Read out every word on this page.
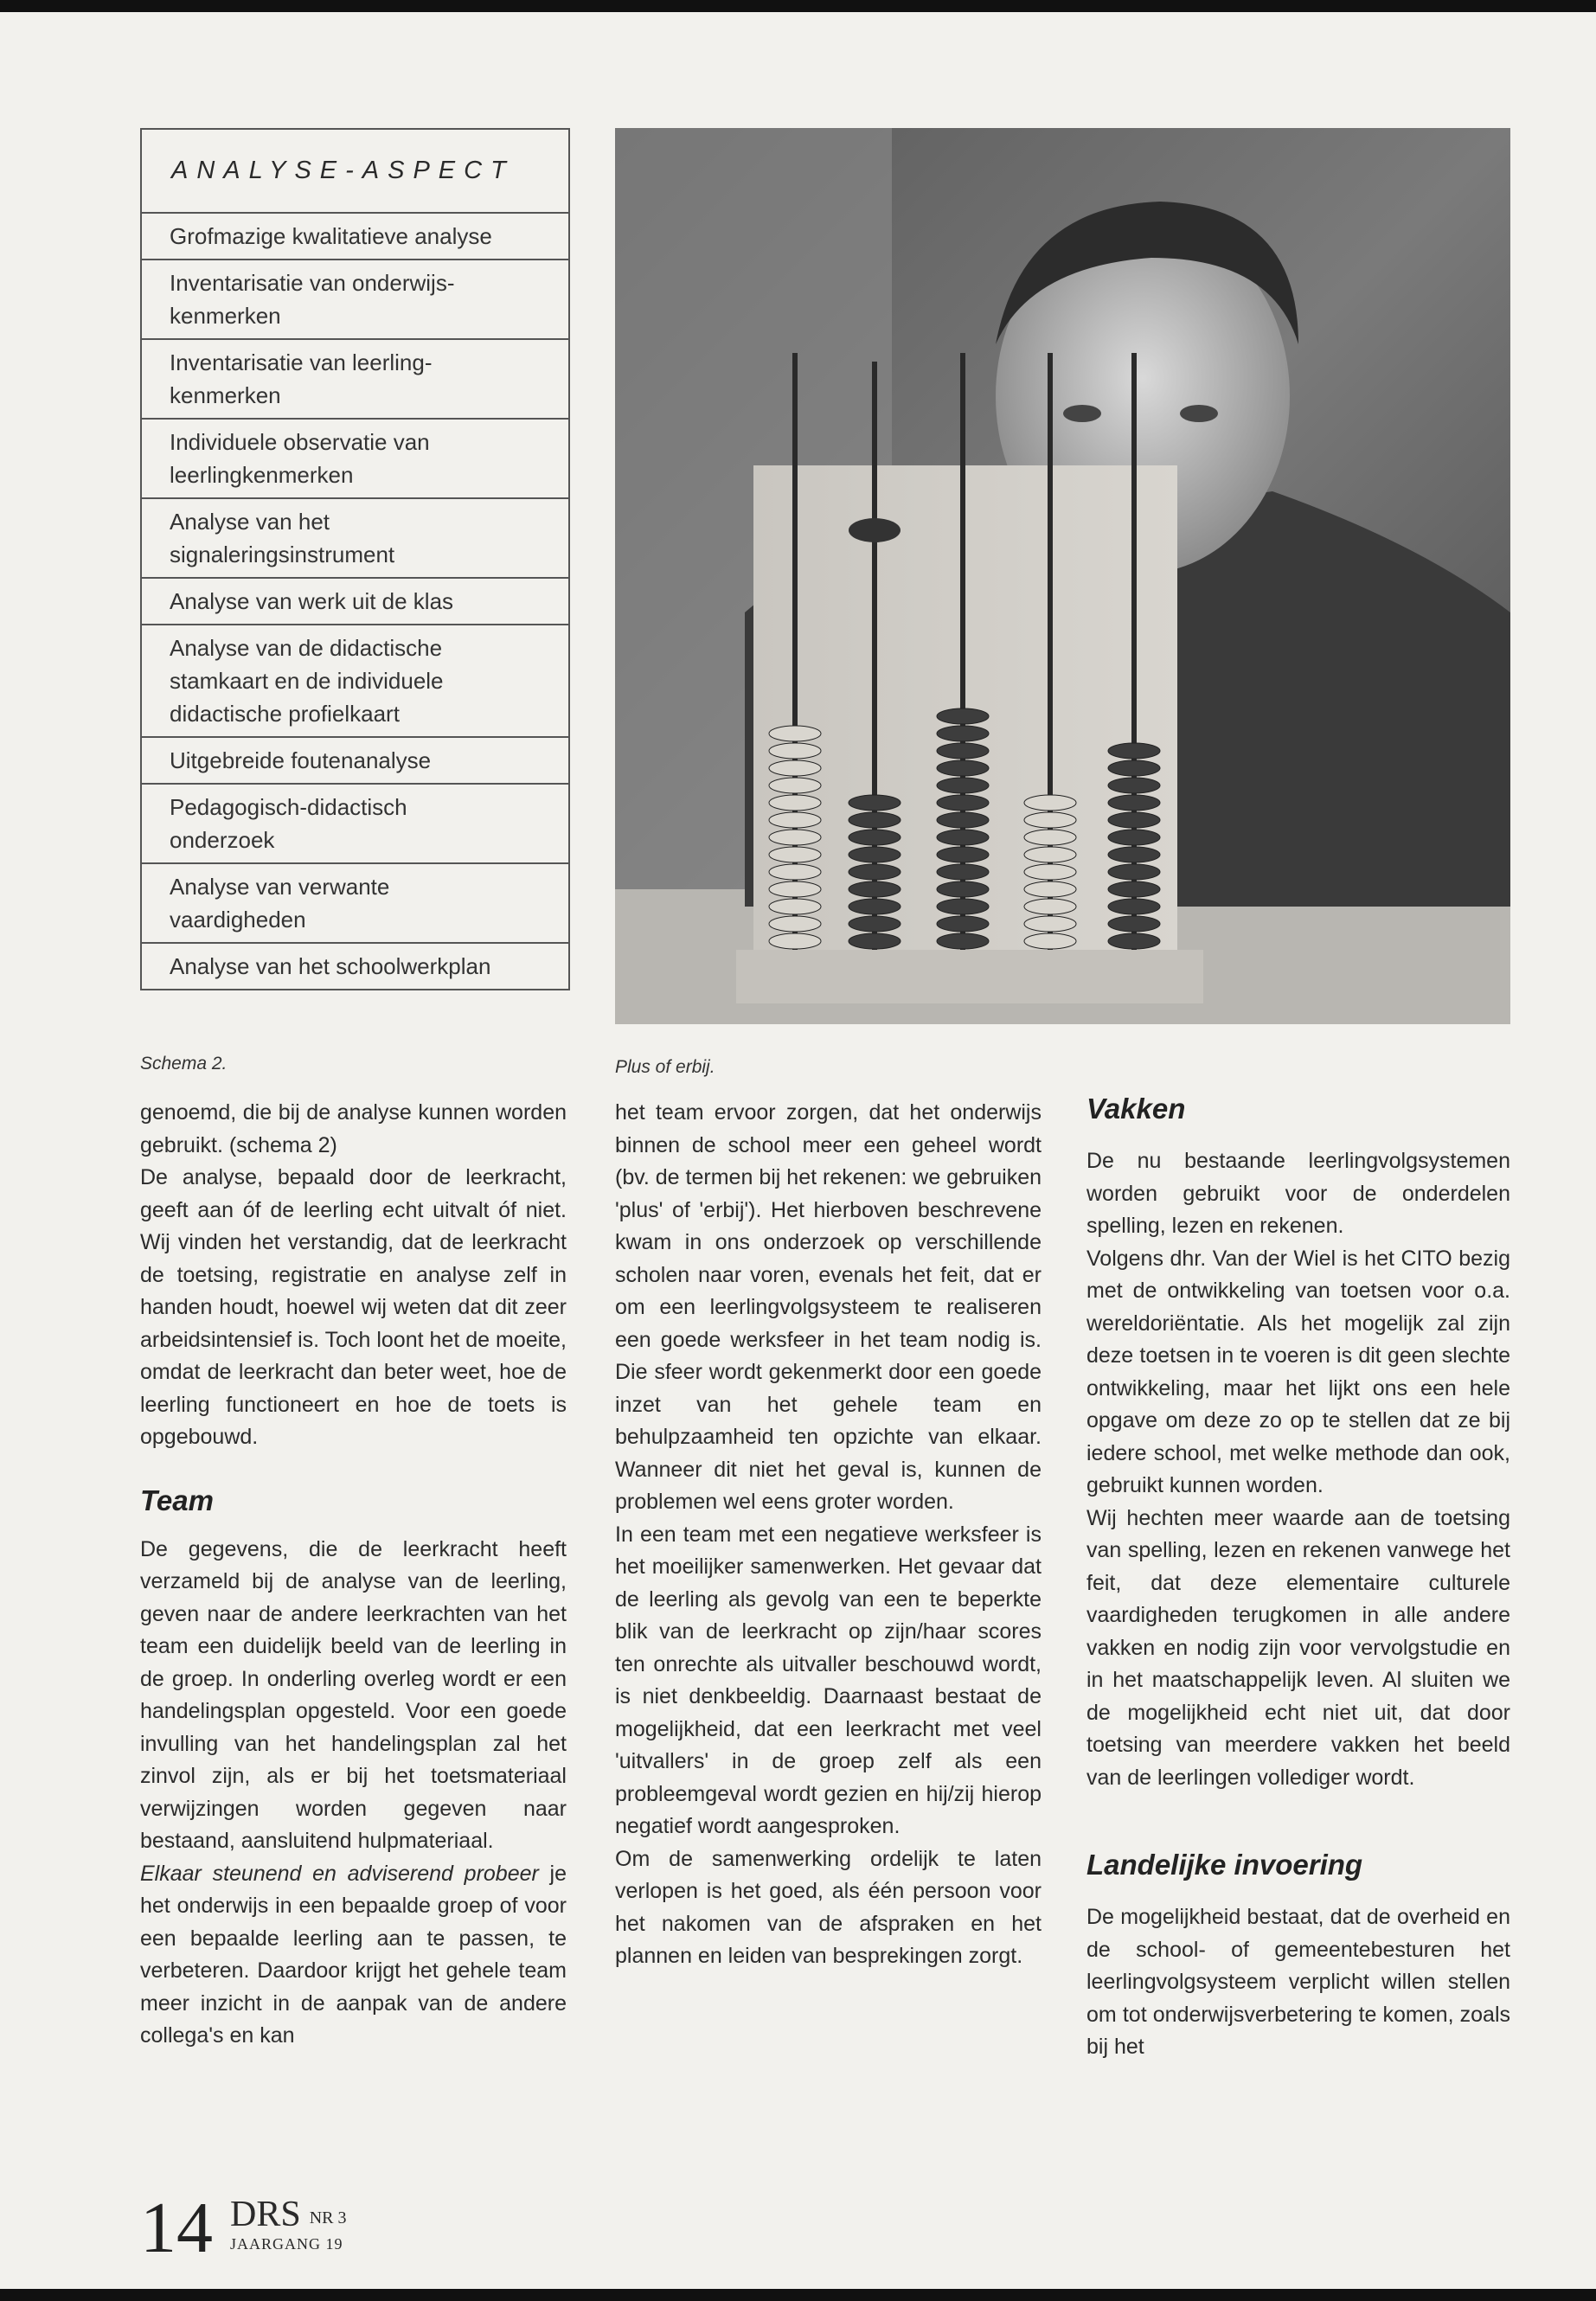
ANALYSE-ASPECT
Grofmazige kwalitatieve analyse
Inventarisatie van onderwijs-
kenmerken
Inventarisatie van leerling-
kenmerken
Individuele observatie van
leerlingkenmerken
Analyse van het
signaleringsinstrument
Analyse van werk uit de klas
Analyse van de didactische
stamkaart en de individuele
didactische profielkaart
Uitgebreide foutenanalyse
Pedagogisch-didactisch
onderzoek
Analyse van verwante
vaardigheden
Analyse van het schoolwerkplan
Schema 2.	Plus of erbij.

genoemd, die bij de analyse kunnen worden gebruikt. (schema 2)

De analyse, bepaald door de leerkracht, geeft aan óf de leerling echt uitvalt óf niet. Wij vinden het verstandig, dat de leerkracht de toetsing, registratie en analyse zelf in handen houdt, hoewel wij weten dat dit zeer arbeidsintensief is. Toch loont het de moeite, omdat de leerkracht dan beter weet, hoe de leerling functioneert en hoe de toets is opgebouwd.

Team

De gegevens, die de leerkracht heeft verzameld bij de analyse van de leerling, geven naar de andere leerkrachten van het team een duidelijk beeld van de leerling in de groep. In onderling overleg wordt er een handelingsplan opgesteld. Voor een goede invulling van het handelingsplan zal het zinvol zijn, als er bij het toetsmateriaal verwijzingen worden gegeven naar bestaand, aansluitend hulpmateriaal.

Elkaar steunend en adviserend probeer je het onderwijs in een bepaalde groep of voor een bepaalde leerling aan te passen, te verbeteren. Daardoor krijgt het gehele team meer inzicht in de aanpak van de andere collega's en kan

het team ervoor zorgen, dat het onderwijs binnen de school meer een geheel wordt (bv. de termen bij het rekenen: we gebruiken 'plus' of 'erbij'). Het hierboven beschrevene kwam in ons onderzoek op verschillende scholen naar voren, evenals het feit, dat er om een leerlingvolgsysteem te realiseren een goede werksfeer in het team nodig is. Die sfeer wordt gekenmerkt door een goede inzet van het gehele team en behulpzaamheid ten opzichte van elkaar. Wanneer dit niet het geval is, kunnen de problemen wel eens groter worden.

In een team met een negatieve werksfeer is het moeilijker samenwerken. Het gevaar dat de leerling als gevolg van een te beperkte blik van de leerkracht op zijn/haar scores ten onrechte als uitvaller beschouwd wordt, is niet denkbeeldig. Daarnaast bestaat de mogelijkheid, dat een leerkracht met veel 'uitvallers' in de groep zelf als een probleemgeval wordt gezien en hij/zij hierop negatief wordt aangesproken.

Om de samenwerking ordelijk te laten verlopen is het goed, als één persoon voor het nakomen van de afspraken en het plannen en leiden van besprekingen zorgt.

Vakken

De nu bestaande leerlingvolgsystemen worden gebruikt voor de onderdelen spelling, lezen en rekenen.

Volgens dhr. Van der Wiel is het CITO bezig met de ontwikkeling van toetsen voor o.a. wereldoriëntatie. Als het mogelijk zal zijn deze toetsen in te voeren is dit geen slechte ontwikkeling, maar het lijkt ons een hele opgave om deze zo op te stellen dat ze bij iedere school, met welke methode dan ook, gebruikt kunnen worden.

Wij hechten meer waarde aan de toetsing van spelling, lezen en rekenen vanwege het feit, dat deze elementaire culturele vaardigheden terugkomen in alle andere vakken en nodig zijn voor vervolgstudie en in het maatschappelijk leven. Al sluiten we de mogelijkheid echt niet uit, dat door toetsing van meerdere vakken het beeld van de leerlingen vollediger wordt.

Landelijke invoering

De mogelijkheid bestaat, dat de overheid en de school- of gemeentebesturen het leerlingvolgsysteem verplicht willen stellen om tot onderwijsverbetering te komen, zoals bij het

14 DRS $^{NR 3}$
JAARGANG 19
